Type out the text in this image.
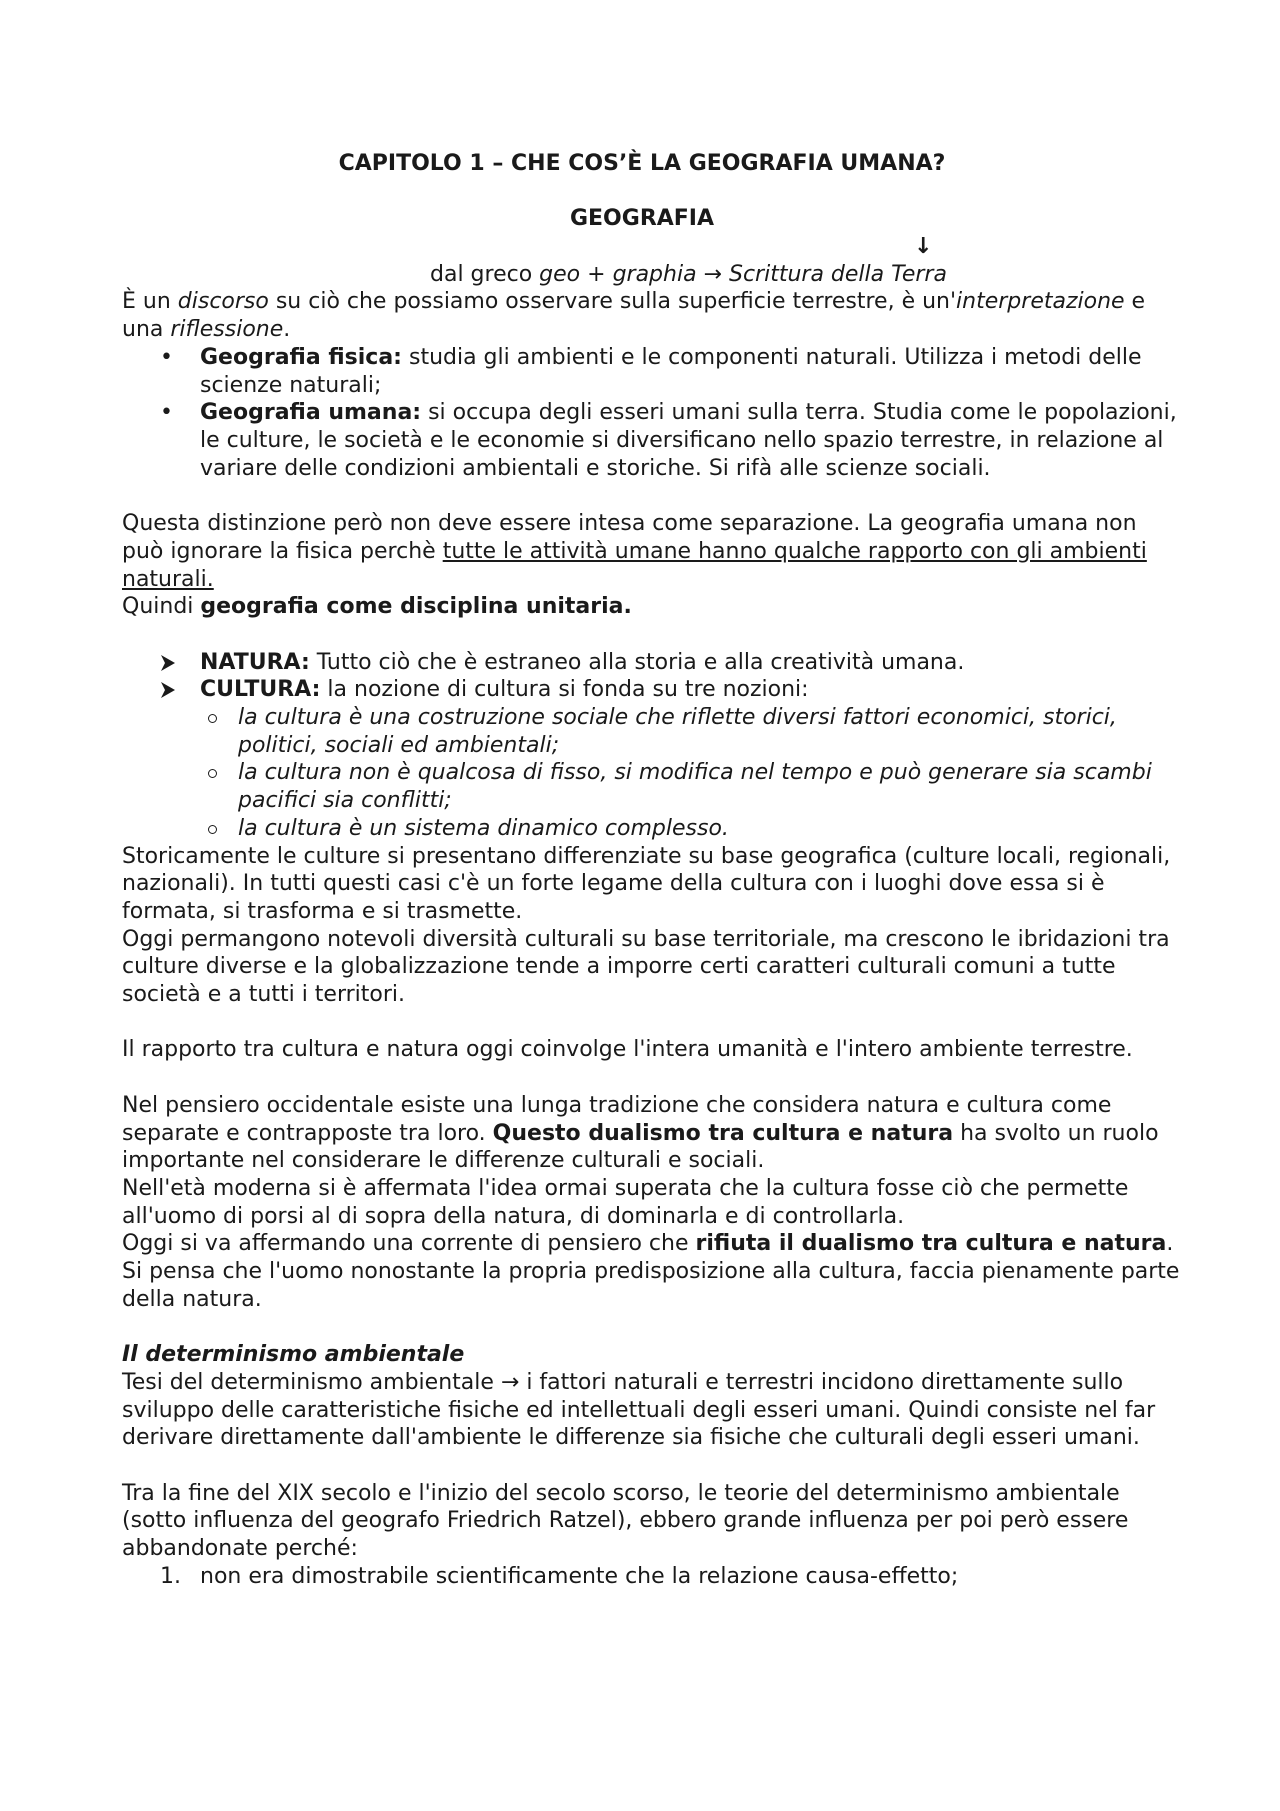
CAPITOLO 1 – CHE COS’È LA GEOGRAFIA UMANA?

GEOGRAFIA

↓

dal greco geo + graphia → Scrittura della Terra

È un discorso su ciò che possiamo osservare sulla superficie terrestre, è un'interpretazione e una riflessione.

• Geografia fisica: studia gli ambienti e le componenti naturali. Utilizza i metodi delle scienze naturali;
• Geografia umana: si occupa degli esseri umani sulla terra. Studia come le popolazioni, le culture, le società e le economie si diversificano nello spazio terrestre, in relazione al variare delle condizioni ambientali e storiche. Si rifà alle scienze sociali.

Questa distinzione però non deve essere intesa come separazione. La geografia umana non può ignorare la fisica perchè tutte le attività umane hanno qualche rapporto con gli ambienti naturali.

Quindi geografia come disciplina unitaria.

NATURA: Tutto ciò che è estraneo alla storia e alla creatività umana.
CULTURA: la nozione di cultura si fonda su tre nozioni:
la cultura è una costruzione sociale che riflette diversi fattori economici, storici, politici, sociali ed ambientali;
la cultura non è qualcosa di fisso, si modifica nel tempo e può generare sia scambi pacifici sia conflitti;
la cultura è un sistema dinamico complesso.

Storicamente le culture si presentano differenziate su base geografica (culture locali, regionali, nazionali). In tutti questi casi c'è un forte legame della cultura con i luoghi dove essa si è formata, si trasforma e si trasmette.

Oggi permangono notevoli diversità culturali su base territoriale, ma crescono le ibridazioni tra culture diverse e la globalizzazione tende a imporre certi caratteri culturali comuni a tutte società e a tutti i territori.

Il rapporto tra cultura e natura oggi coinvolge l'intera umanità e l'intero ambiente terrestre.

Nel pensiero occidentale esiste una lunga tradizione che considera natura e cultura come separate e contrapposte tra loro. Questo dualismo tra cultura e natura ha svolto un ruolo importante nel considerare le differenze culturali e sociali.

Nell'età moderna si è affermata l'idea ormai superata che la cultura fosse ciò che permette all'uomo di porsi al di sopra della natura, di dominarla e di controllarla.

Oggi si va affermando una corrente di pensiero che rifiuta il dualismo tra cultura e natura. Si pensa che l'uomo nonostante la propria predisposizione alla cultura, faccia pienamente parte della natura.

Il determinismo ambientale

Tesi del determinismo ambientale → i fattori naturali e terrestri incidono direttamente sullo sviluppo delle caratteristiche fisiche ed intellettuali degli esseri umani. Quindi consiste nel far derivare direttamente dall'ambiente le differenze sia fisiche che culturali degli esseri umani.

Tra la fine del XIX secolo e l'inizio del secolo scorso, le teorie del determinismo ambientale (sotto influenza del geografo Friedrich Ratzel), ebbero grande influenza per poi però essere abbandonate perché:

1. non era dimostrabile scientificamente che la relazione causa-effetto;
